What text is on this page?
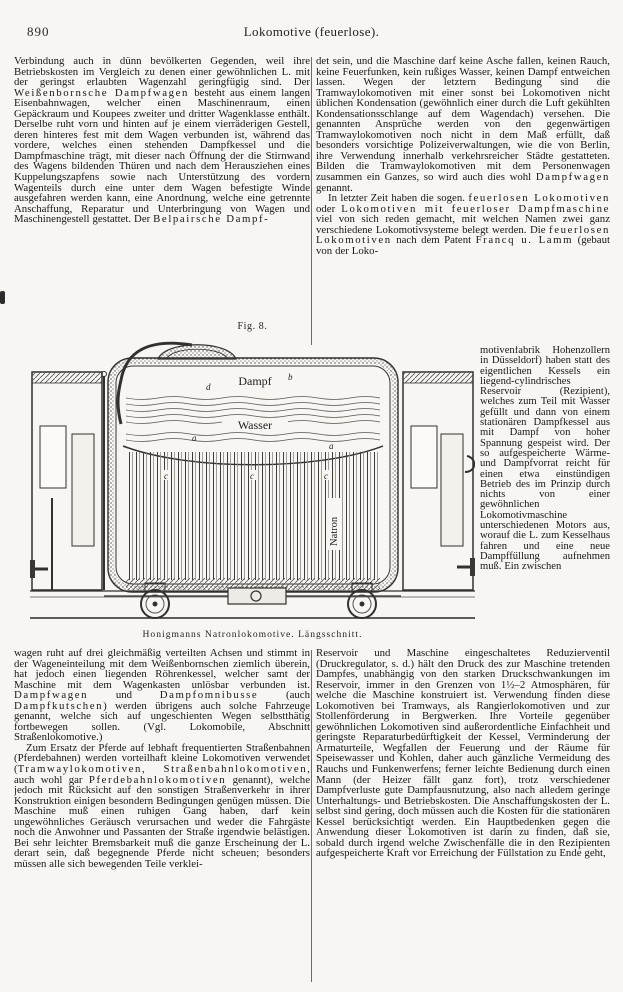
890	Lokomotive (feuerlose).

Verbindung auch in dünn bevölkerten Gegenden, weil ihre Betriebskosten im Vergleich zu denen einer gewöhnlichen L. mit der geringst erlaubten Wagenzahl geringfügig sind. Der Weißenbornsche Dampfwagen besteht aus einem langen Eisenbahnwagen, welcher einen Maschinenraum, einen Gepäckraum und Koupees zweiter und dritter Wagenklasse enthält. Derselbe ruht vorn und hinten auf je einem vierräderigen Gestell, deren hinteres fest mit dem Wagen verbunden ist, während das vordere, welches einen stehenden Dampfkessel und die Dampfmaschine trägt, mit dieser nach Öffnung der die Stirnwand des Wagens bildenden Thüren und nach dem Herausziehen eines Kuppelungszapfens sowie nach Unterstützung des vordern Wagenteils durch eine unter dem Wagen befestigte Winde ausgefahren werden kann, eine Anordnung, welche eine getrennte Anschaffung, Reparatur und Unterbringung von Wagen und Maschinengestell gestattet. Der Belpairsche Dampf-

det sein, und die Maschine darf keine Asche fallen, keinen Rauch, keine Feuerfunken, kein rußiges Wasser, keinen Dampf entweichen lassen. Wegen der letztern Bedingung sind die Tramwaylokomotiven mit einer sonst bei Lokomotiven nicht üblichen Kondensation (gewöhnlich einer durch die Luft gekühlten Kondensationsschlange auf dem Wagendach) versehen. Die genannten Ansprüche werden von den gegenwärtigen Tramwaylokomotiven noch nicht in dem Maß erfüllt, daß besonders vorsichtige Polizeiverwaltungen, wie die von Berlin, ihre Verwendung innerhalb verkehrsreicher Städte gestatteten. Bilden die Tramwaylokomotiven mit dem Personenwagen zusammen ein Ganzes, so wird auch dies wohl Dampfwagen genannt.

In letzter Zeit haben die sogen. feuerlosen Lokomotiven oder Lokomotiven mit feuerloser Dampfmaschine viel von sich reden gemacht, mit welchen Namen zwei ganz verschiedene Lokomotivsysteme belegt werden. Die feuerlosen Lokomotiven nach dem Patent Francq u. Lamm (gebaut von der Loko-

Fig. 8.
Dampf
Wasser
Natron
d
b
a
a
c	c	c
Honigmanns Natronlokomotive. Längsschnitt.

motivenfabrik Hohenzollern in Düsseldorf) haben statt des eigentlichen Kessels ein liegend-cylindrisches Reservoir (Rezipient), welches zum Teil mit Wasser gefüllt und dann von einem stationären Dampfkessel aus mit Dampf von hoher Spannung gespeist wird. Der so aufgespeicherte Wärme- und Dampfvorrat reicht für einen etwa einstündigen Betrieb des im Prinzip durch nichts von einer gewöhnlichen Lokomotivmaschine unterschiedenen Motors aus, worauf die L. zum Kesselhaus fahren und eine neue Dampffüllung aufnehmen muß. Ein zwischen

wagen ruht auf drei gleichmäßig verteilten Achsen und stimmt in der Wageneinteilung mit dem Weißenbornschen ziemlich überein, hat jedoch einen liegenden Röhrenkessel, welcher samt der Maschine mit dem Wagenkasten unlösbar verbunden ist. Dampfwagen und Dampfomnibusse (auch Dampfkutschen) werden übrigens auch solche Fahrzeuge genannt, welche sich auf ungeschienten Wegen selbstthätig fortbewegen sollen. (Vgl. Lokomobile, Abschnitt Straßenlokomotive.)

Zum Ersatz der Pferde auf lebhaft frequentierten Straßenbahnen (Pferdebahnen) werden vorteilhaft kleine Lokomotiven verwendet (Tramwaylokomotiven, Straßenbahnlokomotiven, auch wohl gar Pferdebahnlokomotiven genannt), welche jedoch mit Rücksicht auf den sonstigen Straßenverkehr in ihrer Konstruktion einigen besondern Bedingungen genügen müssen. Die Maschine muß einen ruhigen Gang haben, darf kein ungewöhnliches Geräusch verursachen und weder die Fahrgäste noch die Anwohner und Passanten der Straße irgendwie belästigen. Bei sehr leichter Bremsbarkeit muß die ganze Erscheinung der L. derart sein, daß begegnende Pferde nicht scheuen; besonders müssen alle sich bewegenden Teile verklei-

Reservoir und Maschine eingeschaltetes Reduzierventil (Druckregulator, s. d.) hält den Druck des zur Maschine tretenden Dampfes, unabhängig von den starken Druckschwankungen im Reservoir, immer in den Grenzen von 1½–2 Atmosphären, für welche die Maschine konstruiert ist. Verwendung finden diese Lokomotiven bei Tramways, als Rangierlokomotiven und zur Stollenförderung in Bergwerken. Ihre Vorteile gegenüber gewöhnlichen Lokomotiven sind außerordentliche Einfachheit und geringste Reparaturbedürftigkeit der Kessel, Verminderung der Armaturteile, Wegfallen der Feuerung und der Räume für Speisewasser und Kohlen, daher auch gänzliche Vermeidung des Rauchs und Funkenwerfens; ferner leichte Bedienung durch einen Mann (der Heizer fällt ganz fort), trotz verschiedener Dampfverluste gute Dampfausnutzung, also nach alledem geringe Unterhaltungs- und Betriebskosten. Die Anschaffungskosten der L. selbst sind gering, doch müssen auch die Kosten für die stationären Kessel berücksichtigt werden. Ein Hauptbedenken gegen die Anwendung dieser Lokomotiven ist darin zu finden, daß sie, sobald durch irgend welche Zwischenfälle die in den Rezipienten aufgespeicherte Kraft vor Erreichung der Füllstation zu Ende geht,
